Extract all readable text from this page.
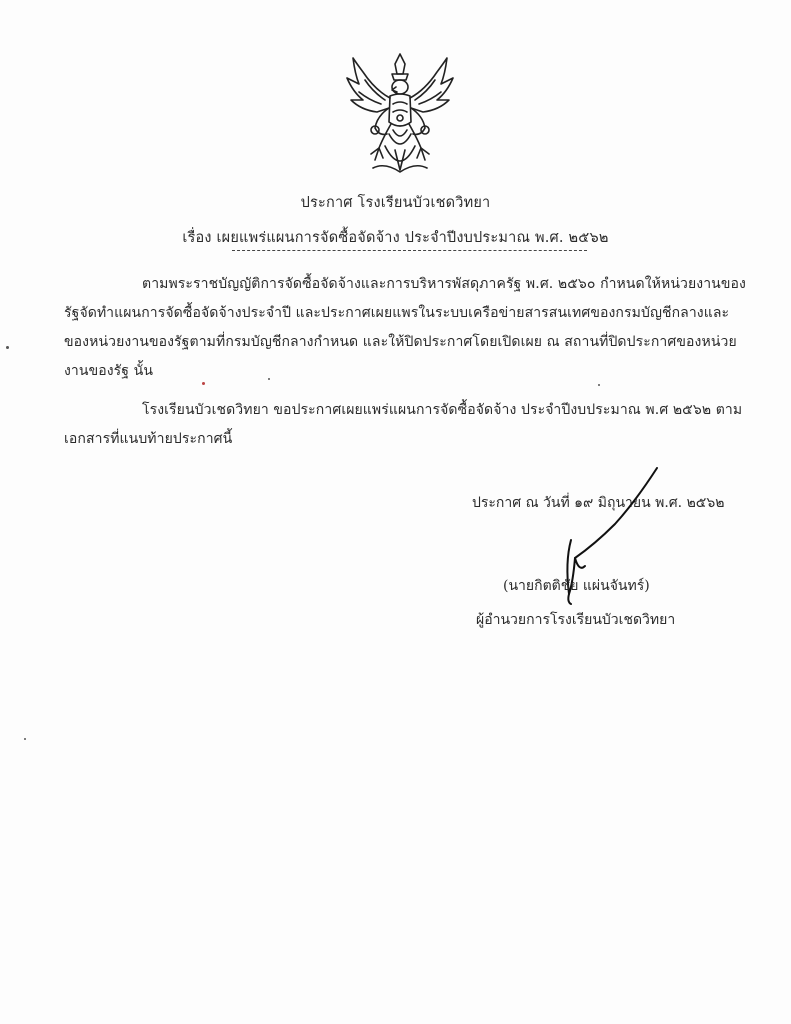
ประกาศ โรงเรียนบัวเชดวิทยา
เรื่อง เผยแพร่แผนการจัดซื้อจัดจ้าง ประจำปีงบประมาณ พ.ศ. ๒๕๖๒
ตามพระราชบัญญัติการจัดซื้อจัดจ้างและการบริหารพัสดุภาครัฐ พ.ศ. ๒๕๖๐ กำหนดให้หน่วยงานของรัฐจัดทำแผนการจัดซื้อจัดจ้างประจำปี และประกาศเผยแพรในระบบเครือข่ายสารสนเทศของกรมบัญชีกลางและของหน่วยงานของรัฐตามที่กรมบัญชีกลางกำหนด และให้ปิดประกาศโดยเปิดเผย ณ สถานที่ปิดประกาศของหน่วยงานของรัฐ นั้น
โรงเรียนบัวเชดวิทยา ขอประกาศเผยแพร่แผนการจัดซื้อจัดจ้าง ประจำปีงบประมาณ พ.ศ ๒๕๖๒ ตามเอกสารที่แนบท้ายประกาศนี้
ประกาศ ณ วันที่ ๑๙ มิถุนายน พ.ศ. ๒๕๖๒
(นายกิตติชัย แผ่นจันทร์)
ผู้อำนวยการโรงเรียนบัวเชดวิทยา
